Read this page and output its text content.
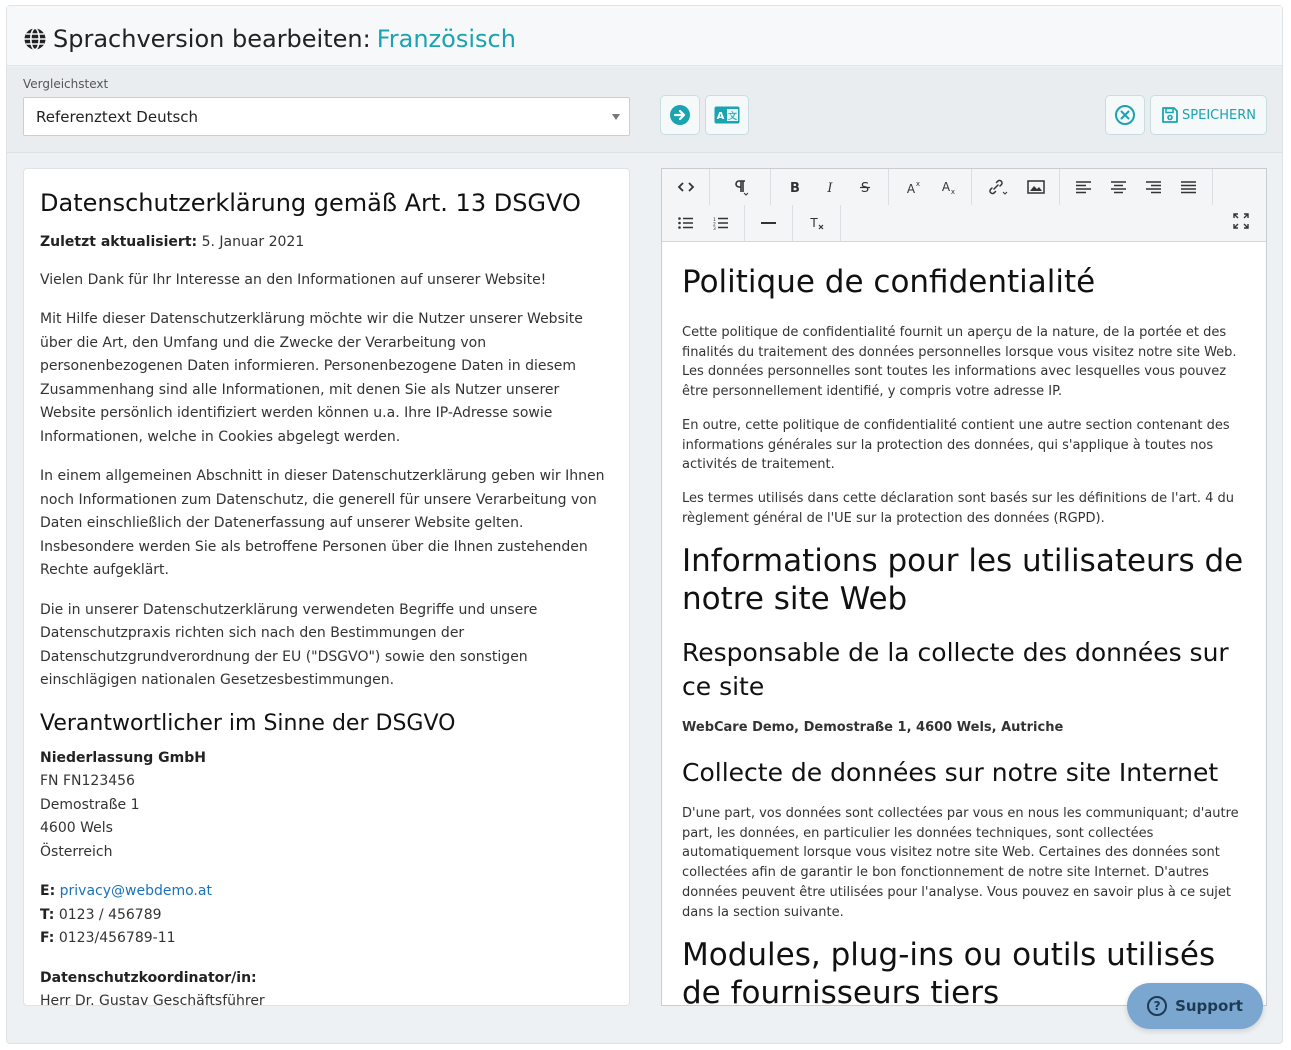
Sprachversion bearbeiten: Französisch
Vergleichstext
Referenztext Deutsch	A 文	SPEICHERN
Datenschutzerklärung gemäß Art. 13 DSGVO

Zuletzt aktualisiert: 5. Januar 2021

Vielen Dank für Ihr Interesse an den Informationen auf unserer Website!

Mit Hilfe dieser Datenschutzerklärung möchte wir die Nutzer unserer Website über die Art, den Umfang und die Zwecke der Verarbeitung von personenbezogenen Daten informieren. Personenbezogene Daten in diesem Zusammenhang sind alle Informationen, mit denen Sie als Nutzer unserer Website persönlich identifiziert werden können u.a. Ihre IP-Adresse sowie Informationen, welche in Cookies abgelegt werden.

In einem allgemeinen Abschnitt in dieser Datenschutzerklärung geben wir Ihnen noch Informationen zum Datenschutz, die generell für unsere Verarbeitung von Daten einschließlich der Datenerfassung auf unserer Website gelten. Insbesondere werden Sie als betroffene Personen über die Ihnen zustehenden Rechte aufgeklärt.

Die in unserer Datenschutzerklärung verwendeten Begriffe und unsere Datenschutzpraxis richten sich nach den Bestimmungen der Datenschutzgrundverordnung der EU ("DSGVO") sowie den sonstigen einschlägigen nationalen Gesetzesbestimmungen.

Verantwortlicher im Sinne der DSGVO

Niederlassung GmbH
FN FN123456
Demostraße 1
4600 Wels
Österreich

E: privacy@webdemo.at
T: 0123 / 456789
F: 0123/456789-11

Datenschutzkoordinator/in:
Herr Dr. Gustav Geschäftsführer

B I S	A x A x
1
2
3	T
Politique de confidentialité

Cette politique de confidentialité fournit un aperçu de la nature, de la portée et des finalités du traitement des données personnelles lorsque vous visitez notre site Web. Les données personnelles sont toutes les informations avec lesquelles vous pouvez être personnellement identifié, y compris votre adresse IP.

En outre, cette politique de confidentialité contient une autre section contenant des informations générales sur la protection des données, qui s'applique à toutes nos activités de traitement.

Les termes utilisés dans cette déclaration sont basés sur les définitions de l'art. 4 du règlement général de l'UE sur la protection des données (RGPD).

Informations pour les utilisateurs de notre site Web
Responsable de la collecte des données sur ce site

WebCare Demo, Demostraße 1, 4600 Wels, Autriche

Collecte de données sur notre site Internet

D'une part, vos données sont collectées par vous en nous les communiquant; d'autre part, les données, en particulier les données techniques, sont collectées automatiquement lorsque vous visitez notre site Web. Certaines des données sont collectées afin de garantir le bon fonctionnement de notre site Internet. D'autres données peuvent être utilisées pour l'analyse. Vous pouvez en savoir plus à ce sujet dans la section suivante.

Modules, plug-ins ou outils utilisés de fournisseurs tiers	? Support
